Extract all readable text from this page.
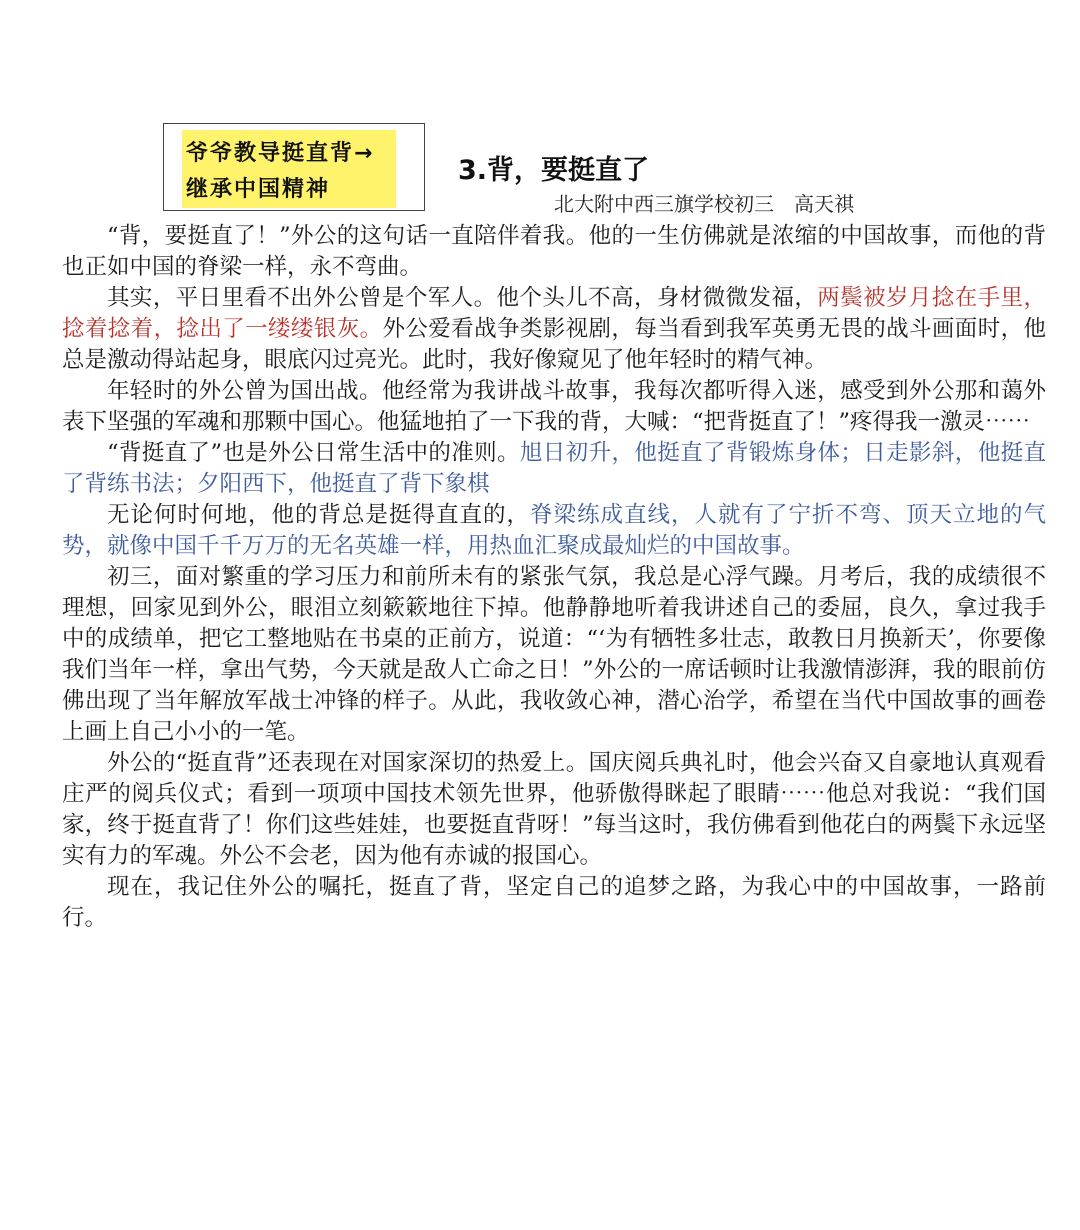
爷爷教导挺直背→
继承中国精神
3.背，要挺直了
北大附中西三旗学校初三　高天祺

“背，要挺直了！”外公的这句话一直陪伴着我。他的一生仿佛就是浓缩的中国故事，而他的背也正如中国的脊梁一样，永不弯曲。

其实，平日里看不出外公曾是个军人。他个头儿不高，身材微微发福，两鬓被岁月捻在手里，捻着捻着，捻出了一缕缕银灰。外公爱看战争类影视剧，每当看到我军英勇无畏的战斗画面时，他总是激动得站起身，眼底闪过亮光。此时，我好像窥见了他年轻时的精气神。

年轻时的外公曾为国出战。他经常为我讲战斗故事，我每次都听得入迷，感受到外公那和蔼外表下坚强的军魂和那颗中国心。他猛地拍了一下我的背，大喊：“把背挺直了！”疼得我一激灵⋯⋯

“背挺直了”也是外公日常生活中的准则。旭日初升，他挺直了背锻炼身体；日走影斜，他挺直了背练书法；夕阳西下，他挺直了背下象棋

无论何时何地，他的背总是挺得直直的，脊梁练成直线，人就有了宁折不弯、顶天立地的气势，就像中国千千万万的无名英雄一样，用热血汇聚成最灿烂的中国故事。

初三，面对繁重的学习压力和前所未有的紧张气氛，我总是心浮气躁。月考后，我的成绩很不理想，回家见到外公，眼泪立刻簌簌地往下掉。他静静地听着我讲述自己的委屈，良久，拿过我手中的成绩单，把它工整地贴在书桌的正前方，说道：“‘为有牺牲多壮志，敢教日月换新天’，你要像我们当年一样，拿出气势，今天就是敌人亡命之日！”外公的一席话顿时让我激情澎湃，我的眼前仿佛出现了当年解放军战士冲锋的样子。从此，我收敛心神，潜心治学，希望在当代中国故事的画卷上画上自己小小的一笔。

外公的“挺直背”还表现在对国家深切的热爱上。国庆阅兵典礼时，他会兴奋又自豪地认真观看庄严的阅兵仪式；看到一项项中国技术领先世界，他骄傲得眯起了眼睛⋯⋯他总对我说：“我们国家，终于挺直背了！你们这些娃娃，也要挺直背呀！”每当这时，我仿佛看到他花白的两鬓下永远坚实有力的军魂。外公不会老，因为他有赤诚的报国心。

现在，我记住外公的嘱托，挺直了背，坚定自己的追梦之路，为我心中的中国故事，一路前行。
